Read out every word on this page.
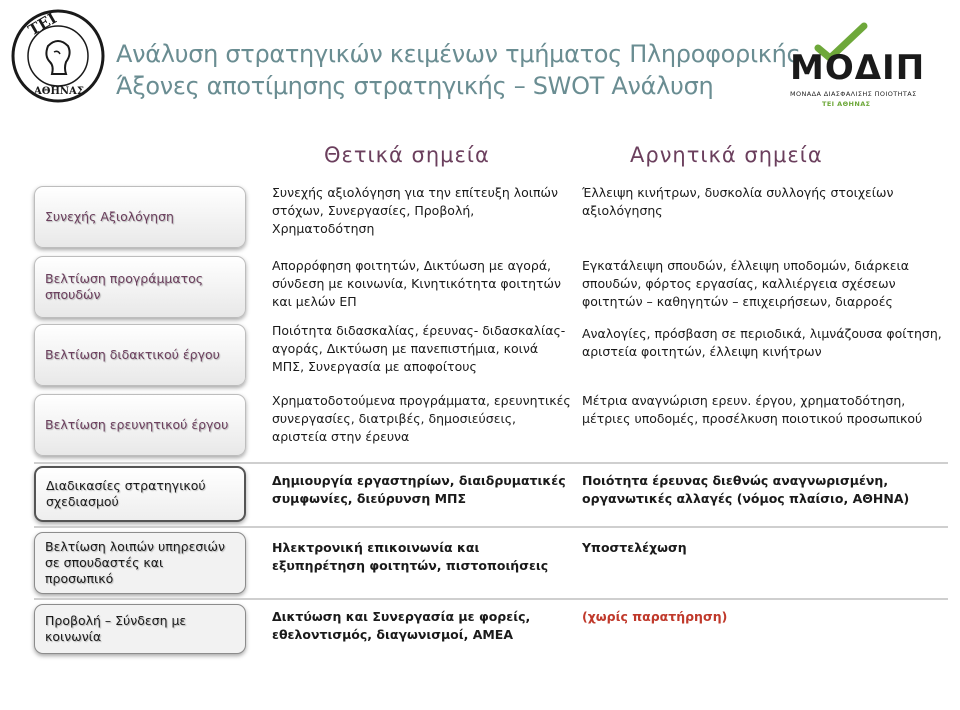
ΤΕΙ
ΑΘΗΝΑΣ
Ανάλυση στρατηγικών κειμένων τμήματος Πληροφορικής
Άξονες αποτίμησης στρατηγικής – SWOT Ανάλυση ΜΟΔΙΠ
ΜΟΝΑΔΑ ΔΙΑΣΦΑΛΙΣΗΣ ΠΟΙΟΤΗΤΑΣ
ΤΕΙ ΑΘΗΝΑΣ
Θετικά σημεία	Αρνητικά σημεία
Συνεχής Αξιολόγηση
Συνεχής αξιολόγηση για την επίτευξη λοιπών στόχων, Συνεργασίες, Προβολή, Χρηματοδότηση
Έλλειψη κινήτρων, δυσκολία συλλογής στοιχείων αξιολόγησης
Βελτίωση προγράμματος σπουδών
Απορρόφηση φοιτητών, Δικτύωση με αγορά, σύνδεση με κοινωνία, Κινητικότητα φοιτητών και μελών ΕΠ
Εγκατάλειψη σπουδών, έλλειψη υποδομών, διάρκεια σπουδών, φόρτος εργασίας, καλλιέργεια σχέσεων φοιτητών – καθηγητών – επιχειρήσεων, διαρροές
Βελτίωση διδακτικού έργου
Ποιότητα διδασκαλίας, έρευνας- διδασκαλίας- αγοράς, Δικτύωση με πανεπιστήμια, κοινά ΜΠΣ, Συνεργασία με αποφοίτους
Αναλογίες, πρόσβαση σε περιοδικά, λιμνάζουσα φοίτηση, αριστεία φοιτητών, έλλειψη κινήτρων
Βελτίωση ερευνητικού έργου
Χρηματοδοτούμενα προγράμματα, ερευνητικές συνεργασίες, διατριβές, δημοσιεύσεις, αριστεία στην έρευνα
Μέτρια αναγνώριση ερευν. έργου, χρηματοδότηση, μέτριες υποδομές, προσέλκυση ποιοτικού προσωπικού
Διαδικασίες στρατηγικού σχεδιασμού
Δημιουργία εργαστηρίων, διαιδρυματικές συμφωνίες, διεύρυνση ΜΠΣ
Ποιότητα έρευνας διεθνώς αναγνωρισμένη, οργανωτικές αλλαγές (νόμος πλαίσιο, ΑΘΗΝΑ)
Βελτίωση λοιπών υπηρεσιών σε σπουδαστές και προσωπικό
Ηλεκτρονική επικοινωνία και εξυπηρέτηση φοιτητών, πιστοποιήσεις
Υποστελέχωση
Προβολή – Σύνδεση με κοινωνία
Δικτύωση και Συνεργασία με φορείς, εθελοντισμός, διαγωνισμοί, ΑΜΕΑ
(χωρίς παρατήρηση)
